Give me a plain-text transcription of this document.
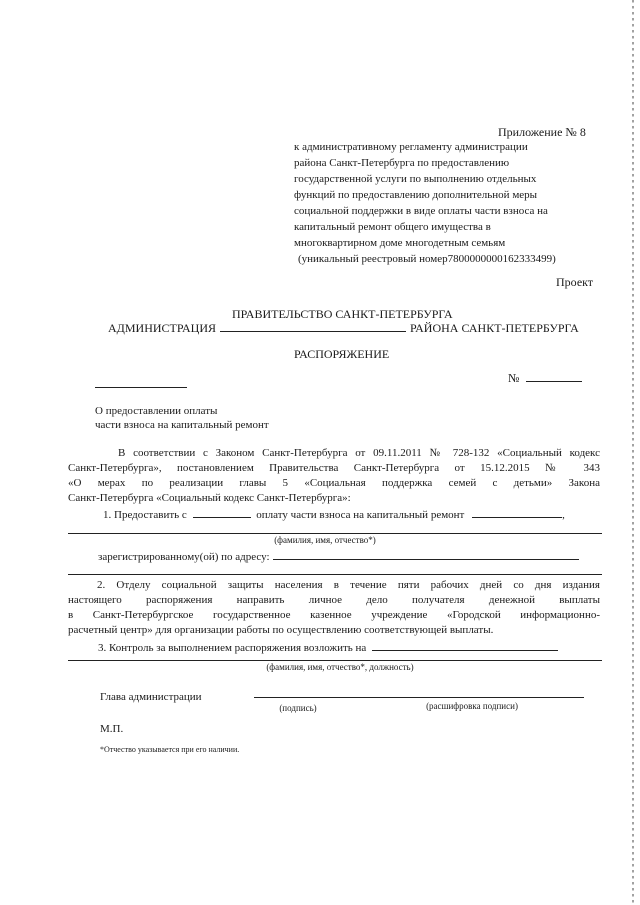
Приложение № 8
к административному регламенту администрации
района Санкт-Петербурга по предоставлению
государственной услуги по выполнению отдельных
функций по предоставлению дополнительной меры
социальной поддержки в виде оплаты части взноса на
капитальный ремонт общего имущества в
многоквартирном доме многодетным семьям
(уникальный реестровый номер7800000000162333499)
Проект
ПРАВИТЕЛЬСТВО САНКТ-ПЕТЕРБУРГА
АДМИНИСТРАЦИЯ	РАЙОНА САНКТ-ПЕТЕРБУРГА
РАСПОРЯЖЕНИЕ
№
О предоставлении оплаты
части взноса на капитальный ремонт
В соответствии с Законом Санкт-Петербурга от 09.11.2011 № 728-132 «Социальный кодекс
Санкт-Петербурга», постановлением Правительства Санкт-Петербурга от 15.12.2015 № 343
«О мерах по реализации главы 5 «Социальная поддержка семей с детьми» Закона
Санкт-Петербурга «Социальный кодекс Санкт-Петербурга»:
1. Предоставить с	оплату части взноса на капитальный ремонт	,
(фамилия, имя, отчество*)
зарегистрированному(ой) по адресу:
2. Отделу социальной защиты населения в течение пяти рабочих дней со дня издания
настоящего распоряжения направить личное дело получателя денежной выплаты
в Санкт-Петербургское государственное казенное учреждение «Городской информационно-
расчетный центр» для организации работы по осуществлению соответствующей выплаты.
3. Контроль за выполнением распоряжения возложить на
(фамилия, имя, отчество*, должность)
Глава администрации
(подпись)	(расшифровка подписи)
М.П.
*Отчество указывается при его наличии.
